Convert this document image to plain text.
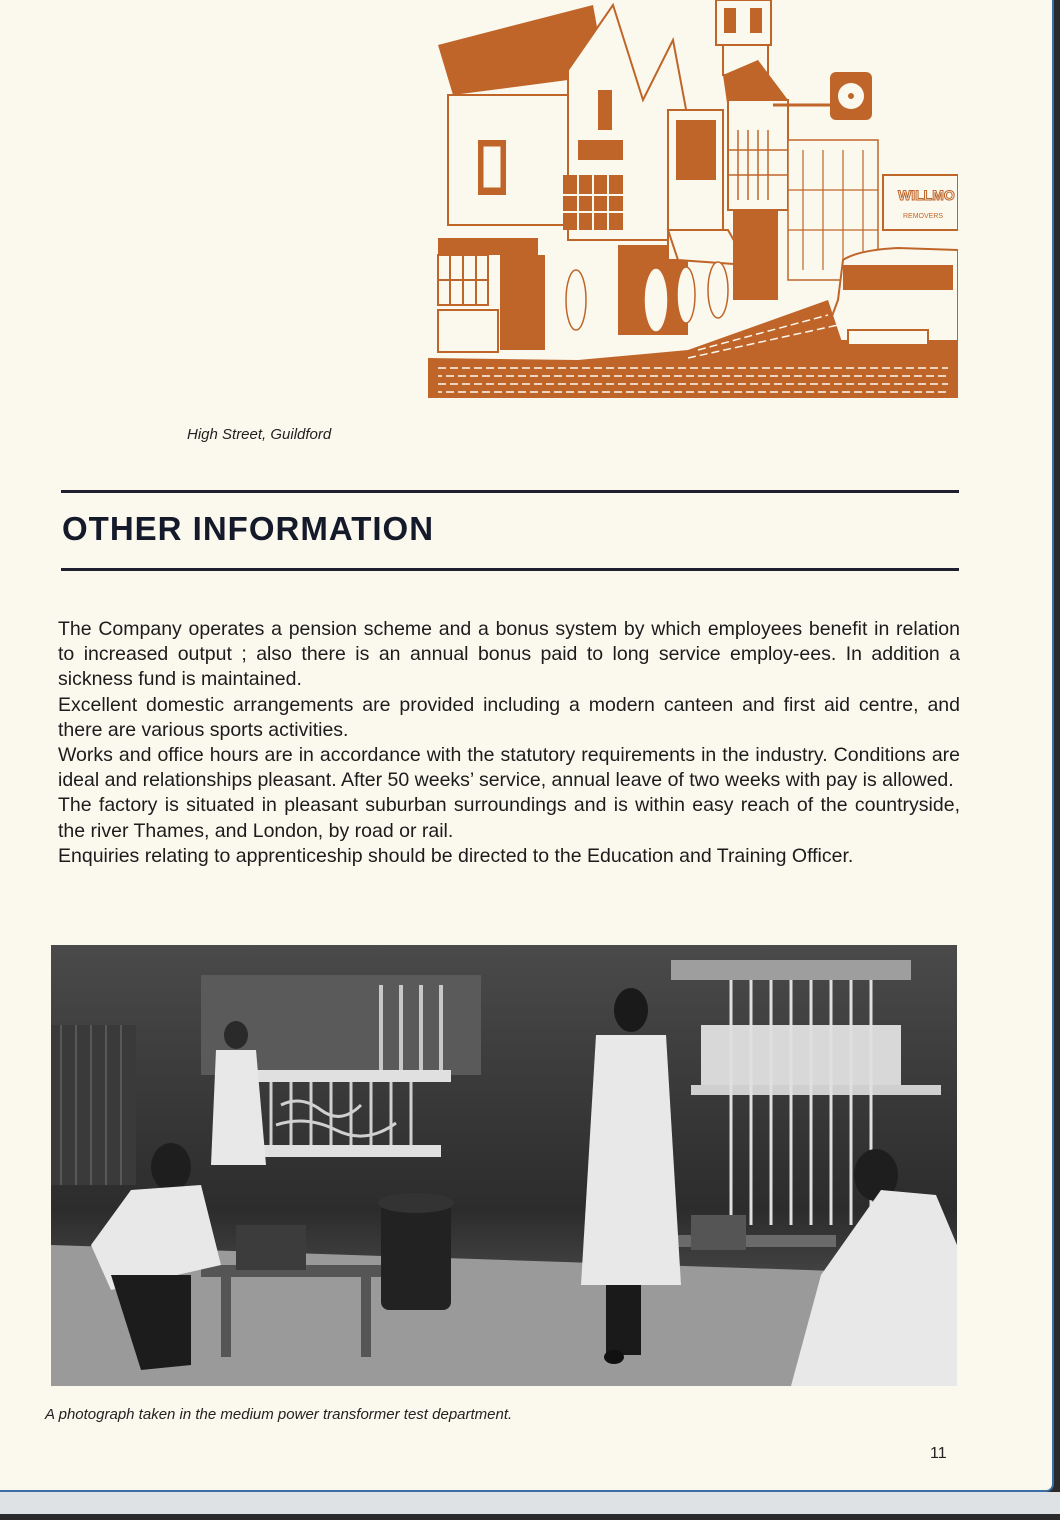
WILLMO
REMOVERS
High Street, Guildford
OTHER INFORMATION

The Company operates a pension scheme and a bonus system by which employees benefit in relation to increased output ; also there is an annual bonus paid to long service employ-ees. In addition a sickness fund is maintained.

Excellent domestic arrangements are provided including a modern canteen and first aid centre, and there are various sports activities.

Works and office hours are in accordance with the statutory requirements in the industry. Conditions are ideal and relationships pleasant. After 50 weeks’ service, annual leave of two weeks with pay is allowed.

The factory is situated in pleasant suburban surroundings and is within easy reach of the countryside, the river Thames, and London, by road or rail.

Enquiries relating to apprenticeship should be directed to the Education and Training Officer.

A photograph taken in the medium power transformer test department.
11
